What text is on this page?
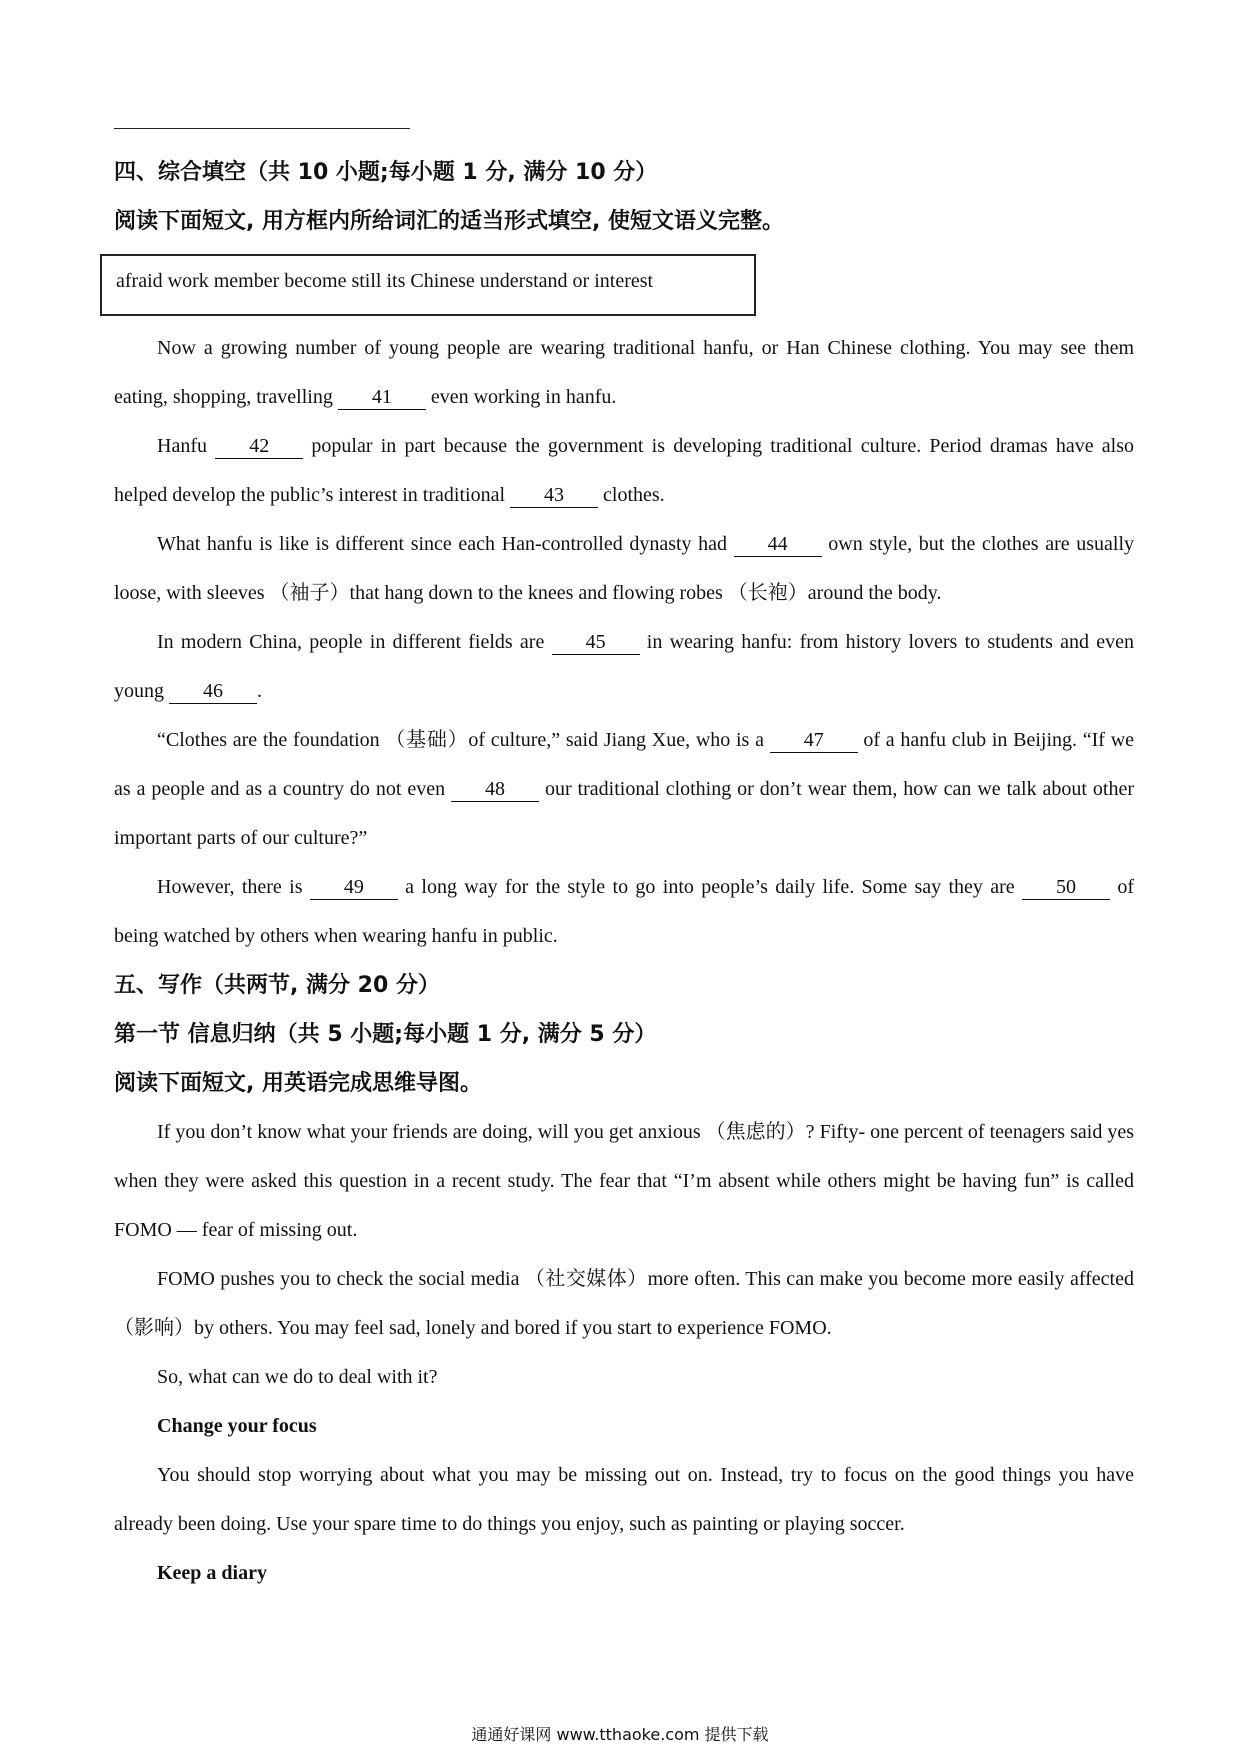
四、综合填空（共 10 小题;每小题 1 分, 满分 10 分）

阅读下面短文, 用方框内所给词汇的适当形式填空, 使短文语义完整。

afraid work member become still its Chinese understand or interest

Now a growing number of young people are wearing traditional hanfu, or Han Chinese clothing. You may see them eating, shopping, travelling 41 even working in hanfu.

Hanfu 42 popular in part because the government is developing traditional culture. Period dramas have also helped develop the public’s interest in traditional 43 clothes.

What hanfu is like is different since each Han-controlled dynasty had 44 own style, but the clothes are usually loose, with sleeves （袖子）that hang down to the knees and flowing robes （长袍）around the body.

In modern China, people in different fields are 45 in wearing hanfu: from history lovers to students and even young 46 .

“Clothes are the foundation （基础）of culture,” said Jiang Xue, who is a 47 of a hanfu club in Beijing. “If we as a people and as a country do not even 48 our traditional clothing or don’t wear them, how can we talk about other important parts of our culture?”

However, there is 49 a long way for the style to go into people’s daily life. Some say they are 50 of being watched by others when wearing hanfu in public.

五、写作（共两节, 满分 20 分）

第一节 信息归纳（共 5 小题;每小题 1 分, 满分 5 分）

阅读下面短文, 用英语完成思维导图。

If you don’t know what your friends are doing, will you get anxious （焦虑的）? Fifty- one percent of teenagers said yes when they were asked this question in a recent study. The fear that “I’m absent while others might be having fun” is called FOMO — fear of missing out.

FOMO pushes you to check the social media （社交媒体）more often. This can make you become more easily affected （影响）by others. You may feel sad, lonely and bored if you start to experience FOMO.

So, what can we do to deal with it?

Change your focus

You should stop worrying about what you may be missing out on. Instead, try to focus on the good things you have already been doing. Use your spare time to do things you enjoy, such as painting or playing soccer.

Keep a diary

通通好课网 www.tthaoke.com 提供下载
